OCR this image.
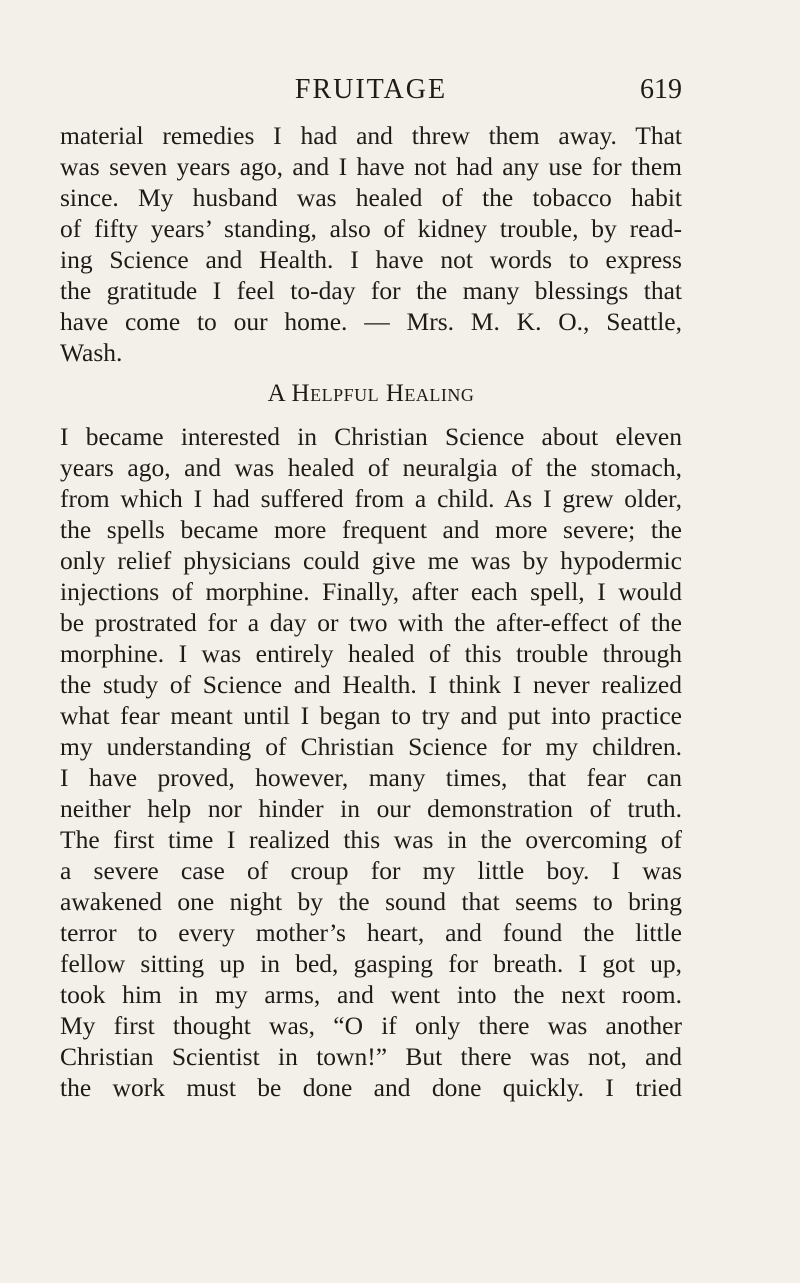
FRUITAGE	619
material remedies I had and threw them away. That
was seven years ago, and I have not had any use for them
since. My husband was healed of the tobacco habit
of fifty years’ standing, also of kidney trouble, by read-
ing Science and Health. I have not words to express
the gratitude I feel to-day for the many blessings that
have come to our home. — Mrs. M. K. O., Seattle,
Wash.
A Helpful Healing
I became interested in Christian Science about eleven
years ago, and was healed of neuralgia of the stomach,
from which I had suffered from a child. As I grew older,
the spells became more frequent and more severe; the
only relief physicians could give me was by hypodermic
injections of morphine. Finally, after each spell, I would
be prostrated for a day or two with the after-effect of the
morphine. I was entirely healed of this trouble through
the study of Science and Health. I think I never realized
what fear meant until I began to try and put into practice
my understanding of Christian Science for my children.
I have proved, however, many times, that fear can
neither help nor hinder in our demonstration of truth.
The first time I realized this was in the overcoming of
a severe case of croup for my little boy. I was
awakened one night by the sound that seems to bring
terror to every mother’s heart, and found the little
fellow sitting up in bed, gasping for breath. I got up,
took him in my arms, and went into the next room.
My first thought was, “O if only there was another
Christian Scientist in town!” But there was not, and
the work must be done and done quickly. I tried
